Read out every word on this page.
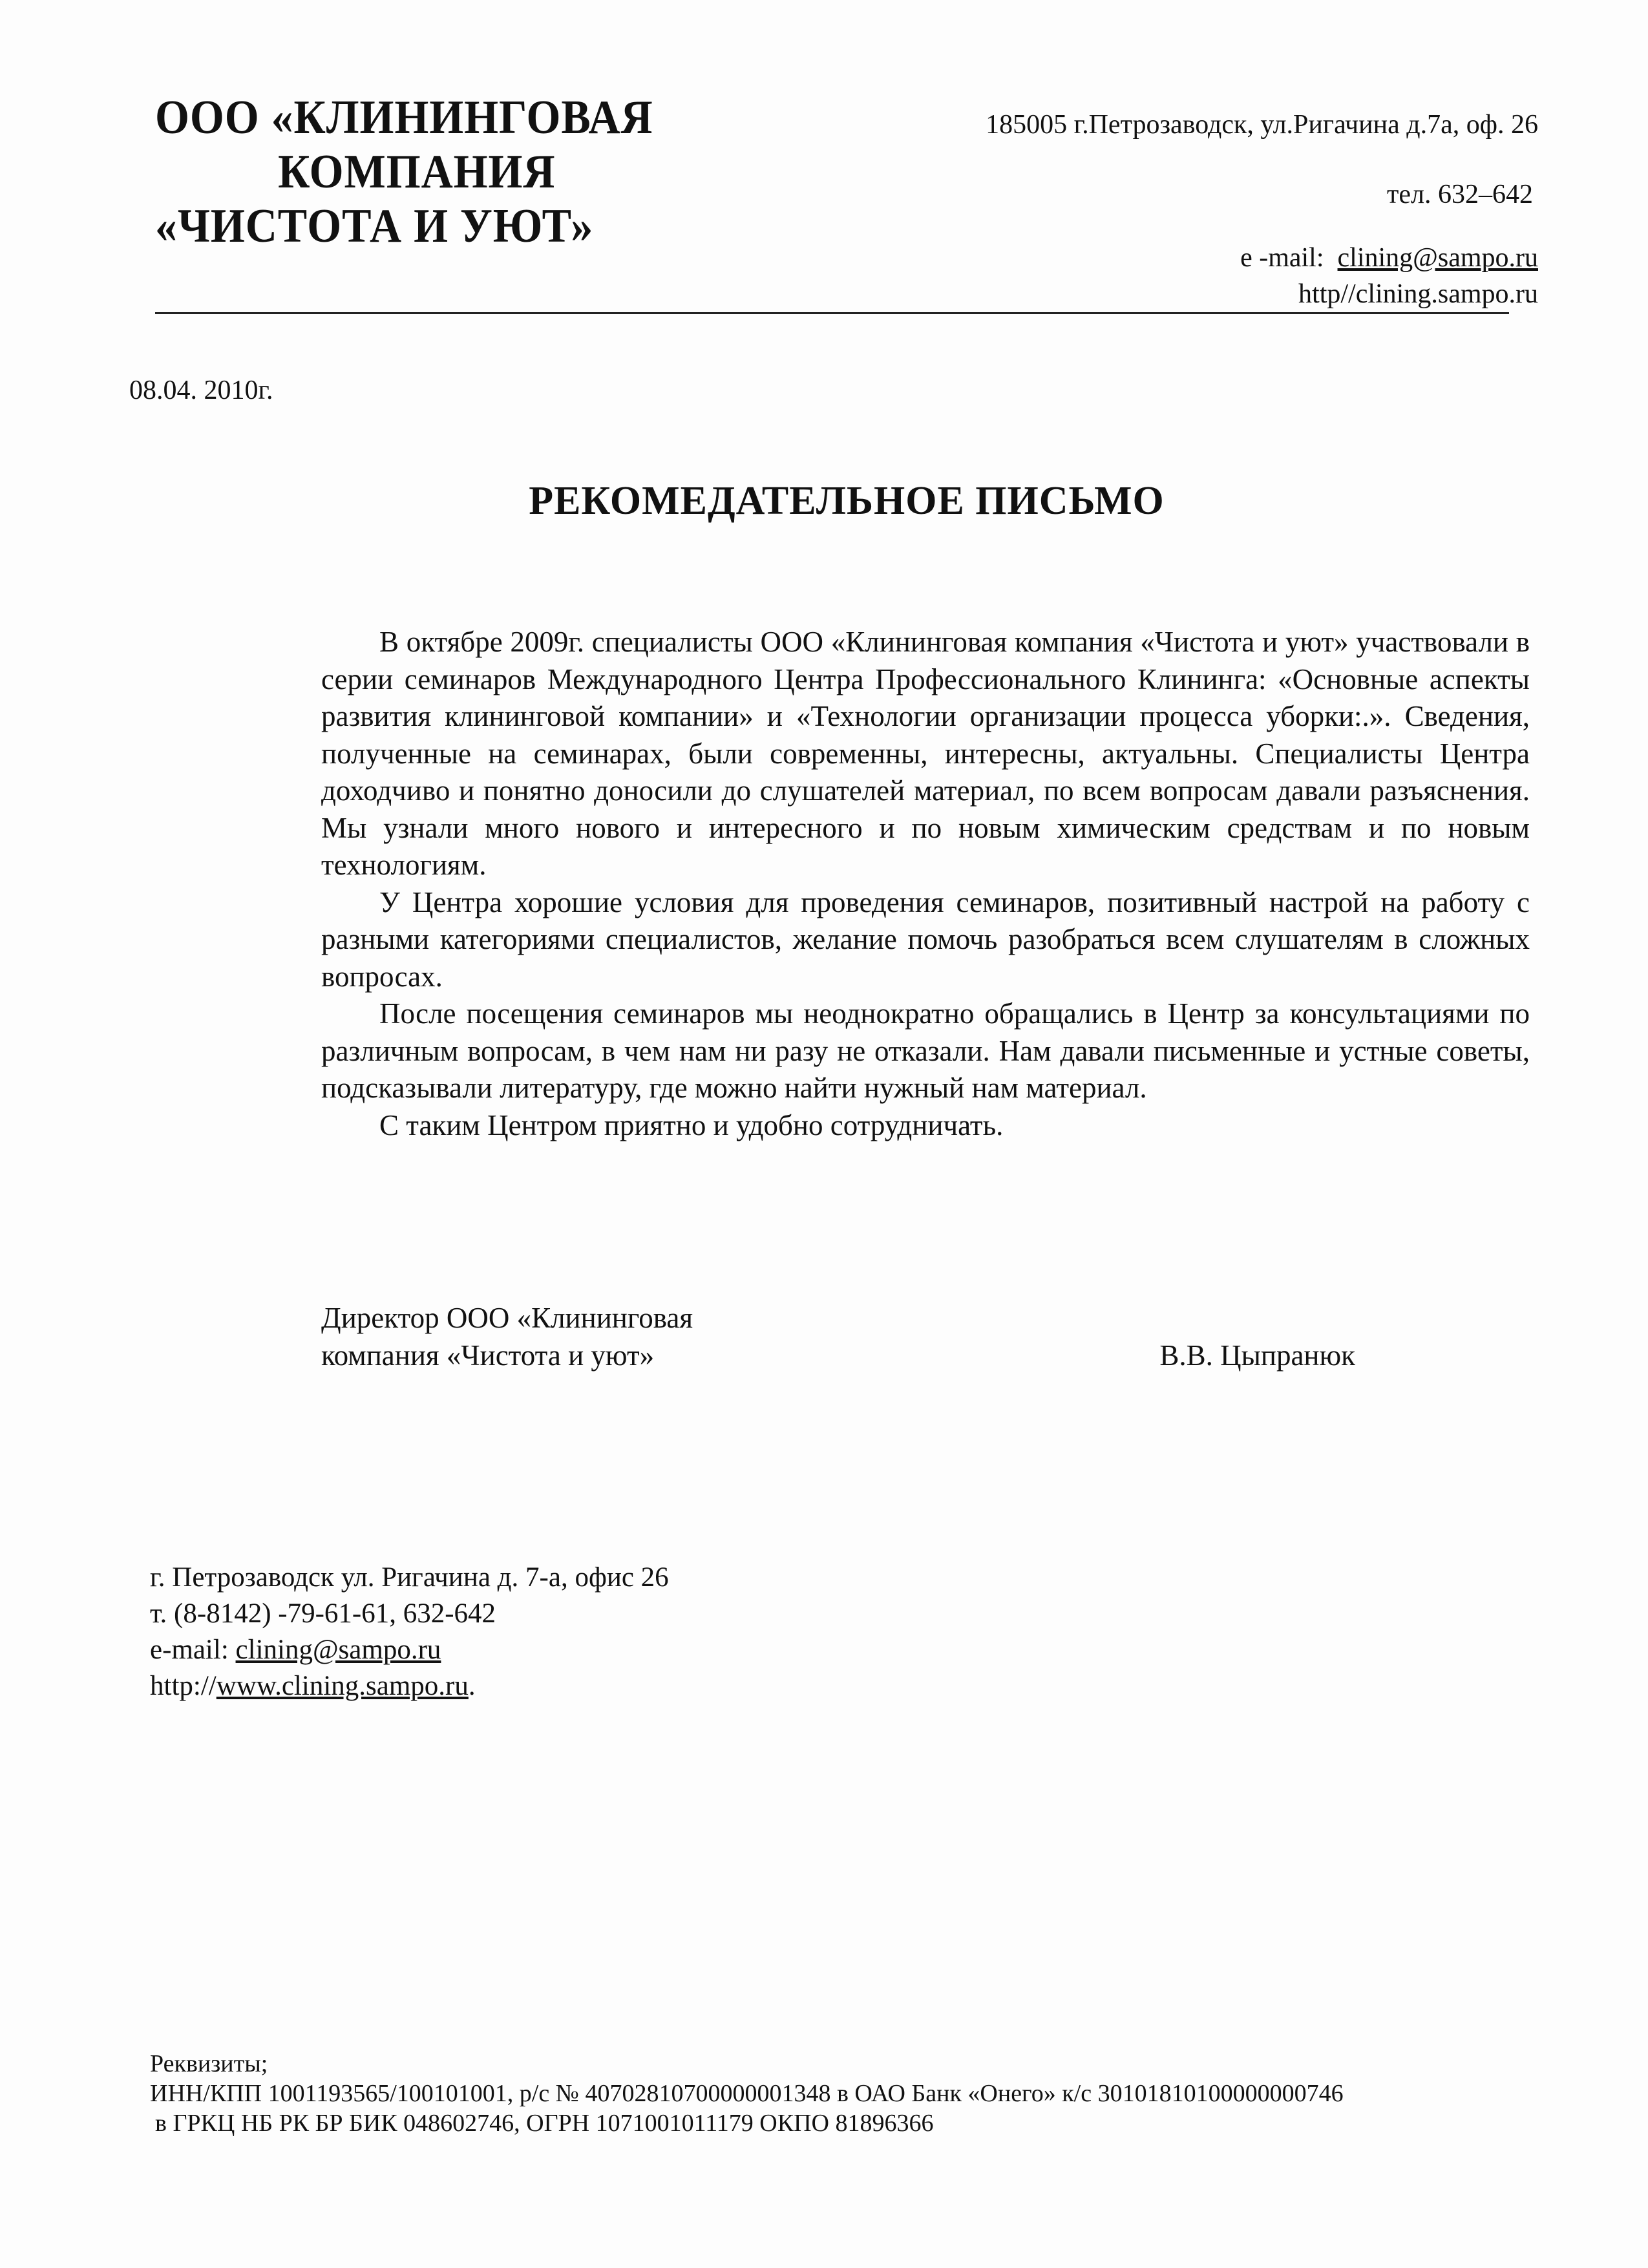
ООО «КЛИНИНГОВАЯ
КОМПАНИЯ
«ЧИСТОТА И УЮТ»
185005 г.Петрозаводск, ул.Ригачина д.7а, оф. 26
тел. 632–642
e -mail: clining@sampo.ru
http//clining.sampo.ru
08.04. 2010г.
РЕКОМЕДАТЕЛЬНОЕ ПИСЬМО

В октябре 2009г. специалисты ООО «Клининговая компания «Чистота и уют» участвовали в серии семинаров Международного Центра Профессионального Клининга: «Основные аспекты развития клининговой компании» и «Технологии организации процесса уборки:.». Сведения, полученные на семинарах, были современны, интересны, актуальны. Специалисты Центра доходчиво и понятно доносили до слушателей материал, по всем вопросам давали разъяснения. Мы узнали много нового и интересного и по новым химическим средствам и по новым технологиям.

У Центра хорошие условия для проведения семинаров, позитивный настрой на работу с разными категориями специалистов, желание помочь разобраться всем слушателям в сложных вопросах.

После посещения семинаров мы неоднократно обращались в Центр за консультациями по различным вопросам, в чем нам ни разу не отказали. Нам давали письменные и устные советы, подсказывали литературу, где можно найти нужный нам материал.

С таким Центром приятно и удобно сотрудничать.

Директор ООО «Клининговая
компания «Чистота и уют»	В.В. Цыпранюк
г. Петрозаводск ул. Ригачина д. 7-а, офис 26
т. (8-8142) -79-61-61, 632-642
e-mail: clining@sampo.ru
http://www.clining.sampo.ru.
Реквизиты;
ИНН/КПП 1001193565/100101001, р/с № 40702810700000001348 в ОАО Банк «Онего» к/с 30101810100000000746
в ГРКЦ НБ РК БР БИК 048602746, ОГРН 1071001011179 ОКПО 81896366
